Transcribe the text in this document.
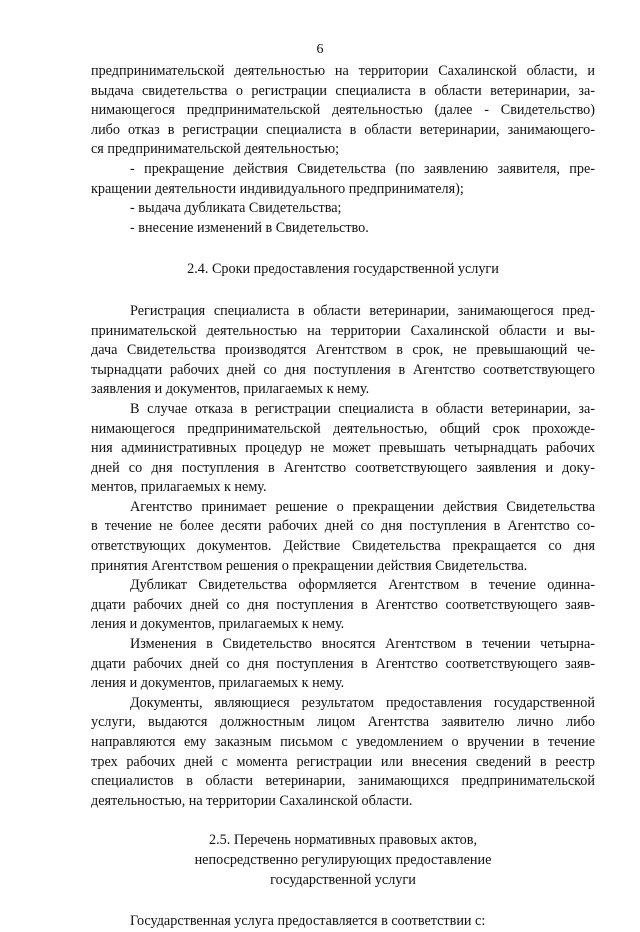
6
предпринимательской деятельностью на территории Сахалинской области, и
выдача свидетельства о регистрации специалиста в области ветеринарии, за-
нимающегося предпринимательской деятельностью (далее - Свидетельство)
либо отказ в регистрации специалиста в области ветеринарии, занимающего-
ся предпринимательской деятельностью;
- прекращение действия Свидетельства (по заявлению заявителя, пре-
кращении деятельности индивидуального предпринимателя);
- выдача дубликата Свидетельства;
- внесение изменений в Свидетельство.
2.4. Сроки предоставления государственной услуги
Регистрация специалиста в области ветеринарии, занимающегося пред-
принимательской деятельностью на территории Сахалинской области и вы-
дача Свидетельства производятся Агентством в срок, не превышающий че-
тырнадцати рабочих дней со дня поступления в Агентство соответствующего
заявления и документов, прилагаемых к нему.
В случае отказа в регистрации специалиста в области ветеринарии, за-
нимающегося предпринимательской деятельностью, общий срок прохожде-
ния административных процедур не может превышать четырнадцать рабочих
дней со дня поступления в Агентство соответствующего заявления и доку-
ментов, прилагаемых к нему.
Агентство принимает решение о прекращении действия Свидетельства
в течение не более десяти рабочих дней со дня поступления в Агентство со-
ответствующих документов. Действие Свидетельства прекращается со дня
принятия Агентством решения о прекращении действия Свидетельства.
Дубликат Свидетельства оформляется Агентством в течение одинна-
дцати рабочих дней со дня поступления в Агентство соответствующего заяв-
ления и документов, прилагаемых к нему.
Изменения в Свидетельство вносятся Агентством в течении четырна-
дцати рабочих дней со дня поступления в Агентство соответствующего заяв-
ления и документов, прилагаемых к нему.
Документы, являющиеся результатом предоставления государственной
услуги, выдаются должностным лицом Агентства заявителю лично либо
направляются ему заказным письмом с уведомлением о вручении в течение
трех рабочих дней с момента регистрации или внесения сведений в реестр
специалистов в области ветеринарии, занимающихся предпринимательской
деятельностью, на территории Сахалинской области.
2.5. Перечень нормативных правовых актов,
непосредственно регулирующих предоставление
государственной услуги
Государственная услуга предоставляется в соответствии с:
